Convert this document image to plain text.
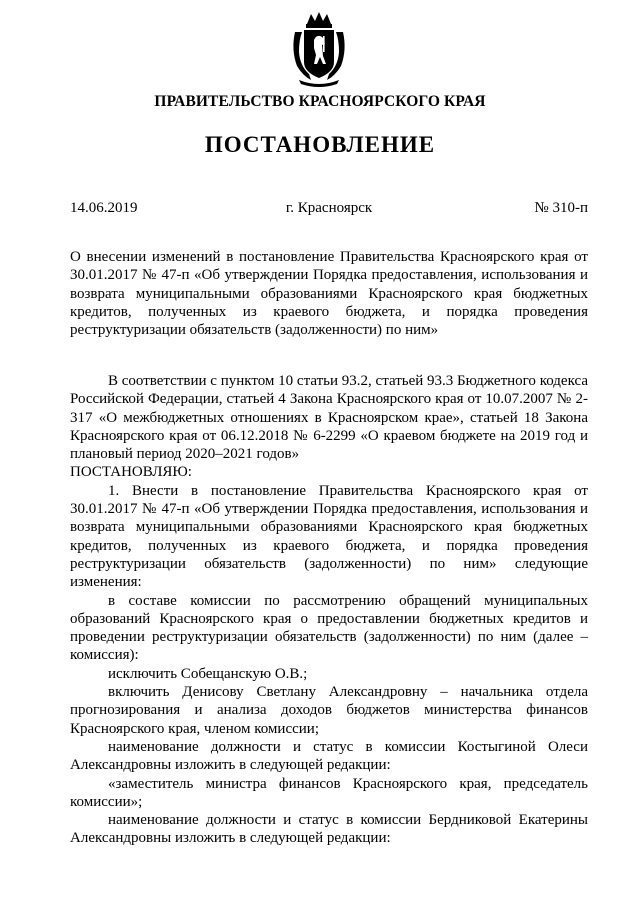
ПРАВИТЕЛЬСТВО КРАСНОЯРСКОГО КРАЯ
ПОСТАНОВЛЕНИЕ
14.06.2019	г. Красноярск	№ 310-п
О внесении изменений в постановление Правительства Красноярского края от 30.01.2017 № 47-п «Об утверждении Порядка предоставления, использования и возврата муниципальными образованиями Красноярского края бюджетных кредитов, полученных из краевого бюджета, и порядка проведения реструктуризации обязательств (задолженности) по ним»

В соответствии с пунктом 10 статьи 93.2, статьей 93.3 Бюджетного кодекса Российской Федерации, статьей 4 Закона Красноярского края от 10.07.2007 № 2-317 «О межбюджетных отношениях в Красноярском крае», статьей 18 Закона Красноярского края от 06.12.2018 № 6-2299 «О краевом бюджете на 2019 год и плановый период 2020–2021 годов»

ПОСТАНОВЛЯЮ:

1. Внести в постановление Правительства Красноярского края от 30.01.2017 № 47-п «Об утверждении Порядка предоставления, использования и возврата муниципальными образованиями Красноярского края бюджетных кредитов, полученных из краевого бюджета, и порядка проведения реструктуризации обязательств (задолженности) по ним» следующие изменения:

в составе комиссии по рассмотрению обращений муниципальных образований Красноярского края о предоставлении бюджетных кредитов и проведении реструктуризации обязательств (задолженности) по ним (далее – комиссия):

исключить Собещанскую О.В.;

включить Денисову Светлану Александровну – начальника отдела прогнозирования и анализа доходов бюджетов министерства финансов Красноярского края, членом комиссии;

наименование должности и статус в комиссии Костыгиной Олеси Александровны изложить в следующей редакции:

«заместитель министра финансов Красноярского края, председатель комиссии»;

наименование должности и статус в комиссии Бердниковой Екатерины Александровны изложить в следующей редакции:
